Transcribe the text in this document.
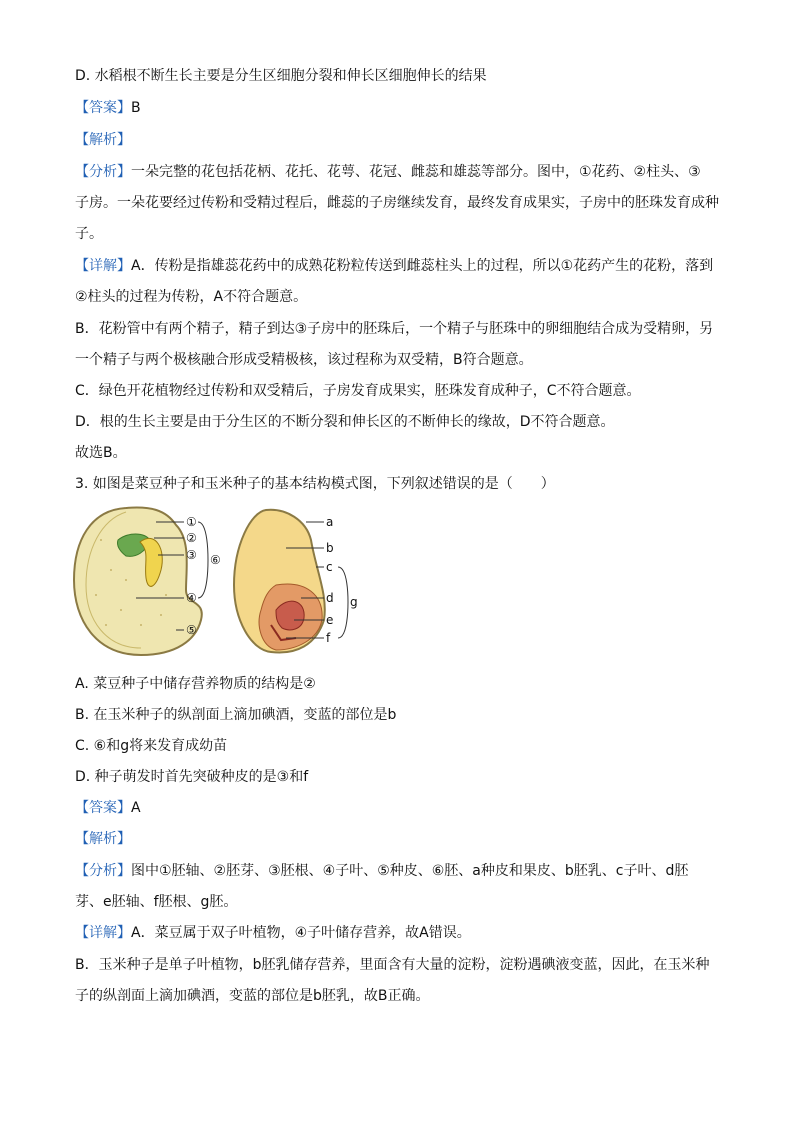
D. 水稻根不断生长主要是分生区细胞分裂和伸长区细胞伸长的结果
【答案】B
【解析】
【分析】一朵完整的花包括花柄、花托、花萼、花冠、雌蕊和雄蕊等部分。图中，①花药、②柱头、③
子房。一朵花要经过传粉和受精过程后，雌蕊的子房继续发育，最终发育成果实，子房中的胚珠发育成种
子。
【详解】A．传粉是指雄蕊花药中的成熟花粉粒传送到雌蕊柱头上的过程，所以①花药产生的花粉，落到
②柱头的过程为传粉，A不符合题意。
B．花粉管中有两个精子，精子到达③子房中的胚珠后，一个精子与胚珠中的卵细胞结合成为受精卵，另
一个精子与两个极核融合形成受精极核，该过程称为双受精，B符合题意。
C．绿色开花植物经过传粉和双受精后，子房发育成果实，胚珠发育成种子，C不符合题意。
D．根的生长主要是由于分生区的不断分裂和伸长区的不断伸长的缘故，D不符合题意。
故选B。
3. 如图是菜豆种子和玉米种子的基本结构模式图，下列叙述错误的是（　　）
①
②
③
④
⑤
⑥
a
b
c
d
e
f
g
A. 菜豆种子中储存营养物质的结构是②
B. 在玉米种子的纵剖面上滴加碘酒，变蓝的部位是b
C. ⑥和g将来发育成幼苗
D. 种子萌发时首先突破种皮的是③和f
【答案】A
【解析】
【分析】图中①胚轴、②胚芽、③胚根、④子叶、⑤种皮、⑥胚、a种皮和果皮、b胚乳、c子叶、d胚
芽、e胚轴、f胚根、g胚。
【详解】A．菜豆属于双子叶植物，④子叶储存营养，故A错误。
B．玉米种子是单子叶植物，b胚乳储存营养，里面含有大量的淀粉，淀粉遇碘液变蓝，因此，在玉米种
子的纵剖面上滴加碘酒，变蓝的部位是b胚乳，故B正确。
